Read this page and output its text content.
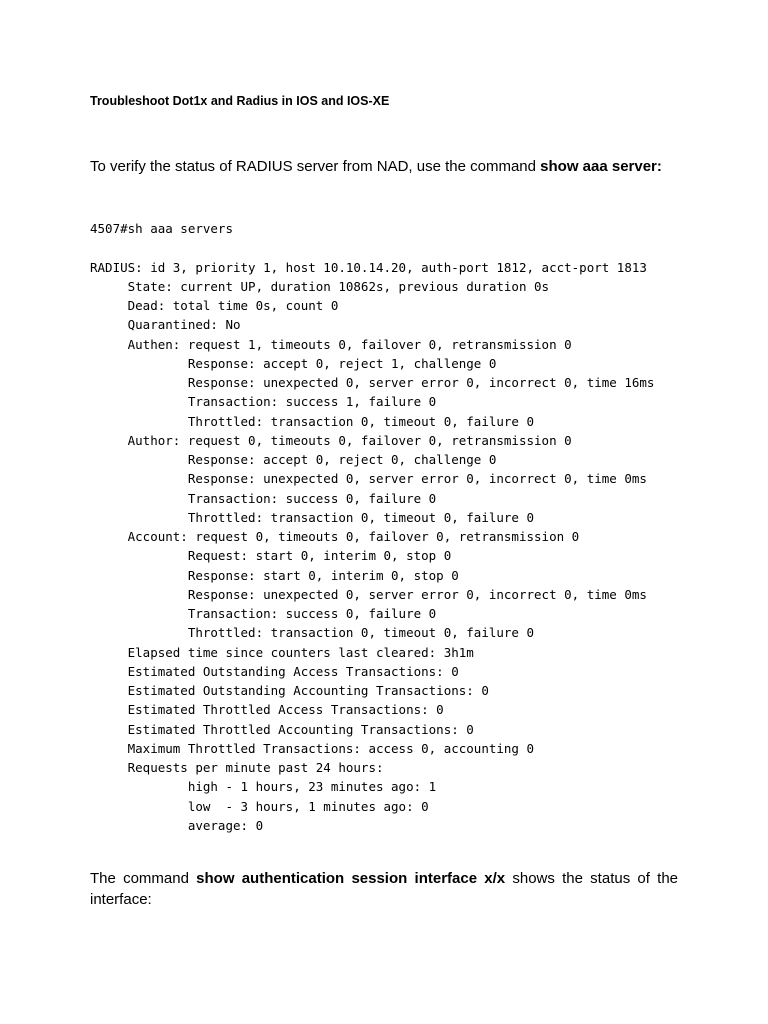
Troubleshoot Dot1x and Radius in IOS and IOS-XE
To verify the status of RADIUS server from NAD, use the command show aaa server:
4507#sh aaa servers
RADIUS: id 3, priority 1, host 10.10.14.20, auth-port 1812, acct-port 1813
State: current UP, duration 10862s, previous duration 0s
Dead: total time 0s, count 0
Quarantined: No
Authen: request 1, timeouts 0, failover 0, retransmission 0
Response: accept 0, reject 1, challenge 0
Response: unexpected 0, server error 0, incorrect 0, time 16ms
Transaction: success 1, failure 0
Throttled: transaction 0, timeout 0, failure 0
Author: request 0, timeouts 0, failover 0, retransmission 0
Response: accept 0, reject 0, challenge 0
Response: unexpected 0, server error 0, incorrect 0, time 0ms
Transaction: success 0, failure 0
Throttled: transaction 0, timeout 0, failure 0
Account: request 0, timeouts 0, failover 0, retransmission 0
Request: start 0, interim 0, stop 0
Response: start 0, interim 0, stop 0
Response: unexpected 0, server error 0, incorrect 0, time 0ms
Transaction: success 0, failure 0
Throttled: transaction 0, timeout 0, failure 0
Elapsed time since counters last cleared: 3h1m
Estimated Outstanding Access Transactions: 0
Estimated Outstanding Accounting Transactions: 0
Estimated Throttled Access Transactions: 0
Estimated Throttled Accounting Transactions: 0
Maximum Throttled Transactions: access 0, accounting 0
Requests per minute past 24 hours:
high - 1 hours, 23 minutes ago: 1
low  - 3 hours, 1 minutes ago: 0
average: 0
The command show authentication session interface x/x shows the status of the interface:
